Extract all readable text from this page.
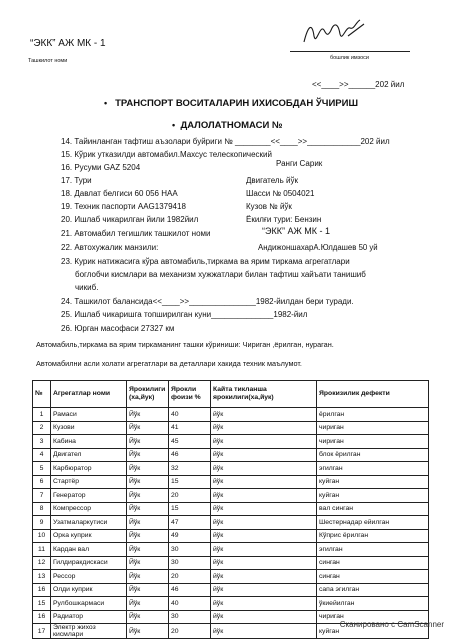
“ЭКК” АЖ МК - 1
Ташкилот номи	бошлик имзоси
<<____>>______202 йил
• ТРАНСПОРТ ВОСИТАЛАРИН ИХИСОБДАН ЎЧИРИШ
• ДАЛОЛАТНОМАСИ №
14. Тайинланган тафтиш аъзолари буйриги № ________<<____>>____________202 йил
15. Кўрик утказилди автомабил.Махсус телескопический
16. Русуми GAZ 5204	Ранги Сарик
17. Тури	Двигатель йўк
18. Давлат белгиси 60 056 НАА	Шасси № 0504021
19. Техник паспорти AAG1379418	Кузов № йўк
20. Ишлаб чикарилган йили 1982йил	Ёкилғи тури: Бензин
21. Автомабил тегишлик ташкилот номи	“ЭКК” АЖ МК - 1
22. Автохужалик манзили:	АндижоншахарА.Юлдашев 50 уй
23. Курик натижасига кўра автомабиль,тиркама ва ярим тиркама агрегатлари
боглобчи кисмлари ва механизм хужжатлари билан тафтиш хайъати танишиб
чикиб.
24. Ташкилот балансида<<____>>_______________1982-йилдан бери туради.
25. Ишлаб чикаришга топширилган куни______________1982-йил
26. Юрган масофаси 27327 км
Автомабиль,тиркама ва ярим тиркаманинг ташки кўриниши: Чириган ,ёрилган, нураган.
Автомабилни асли холати агрегатлари ва деталлари хакида техник маълумот.
№	Агрегатлар номи	Ярокилиги (ха,йук)	Ярокли фоизи %	Кайта тикланша ярокилиги(ха,йук)	Ярокизилик дефекти
1	Рамаси	Йўк	40	йўк	ёрилган
2	Кузови	Йўк	41	йўк	чириган
3	Кабина	Йўк	45	йўк	чириган
4	Двигател	Йўк	46	йўк	блок ёрилган
5	Карбюратор	Йўк	32	йўк	эгилган
6	Стартёр	Йўк	15	йўк	куйган
7	Генератор	Йўк	20	йўк	куйган
8	Компрессор	Йўк	15	йўк	вал синган
9	Узатмаларкутиси	Йўк	47	йўк	Шестернадар ейилган
10	Орка куприк	Йўк	49	йўк	Кўприс ёрилган
11	Кардан вал	Йўк	30	йўк	эгилган
12	Гилдиракдискаси	Йўк	30	йўк	синган
13	Рессор	Йўк	20	йўк	синган
16	Олди куприк	Йўк	46	йўк	сапа эгилган
15	Рулбошкармаси	Йўк	40	йўк	ўкиейилган
16	Радиатор	Йўк	30	йўк	чириган
17	Электр жихоз кисмлари	Йўк	20	йўк	куйган
Сканировано с CamScanner
